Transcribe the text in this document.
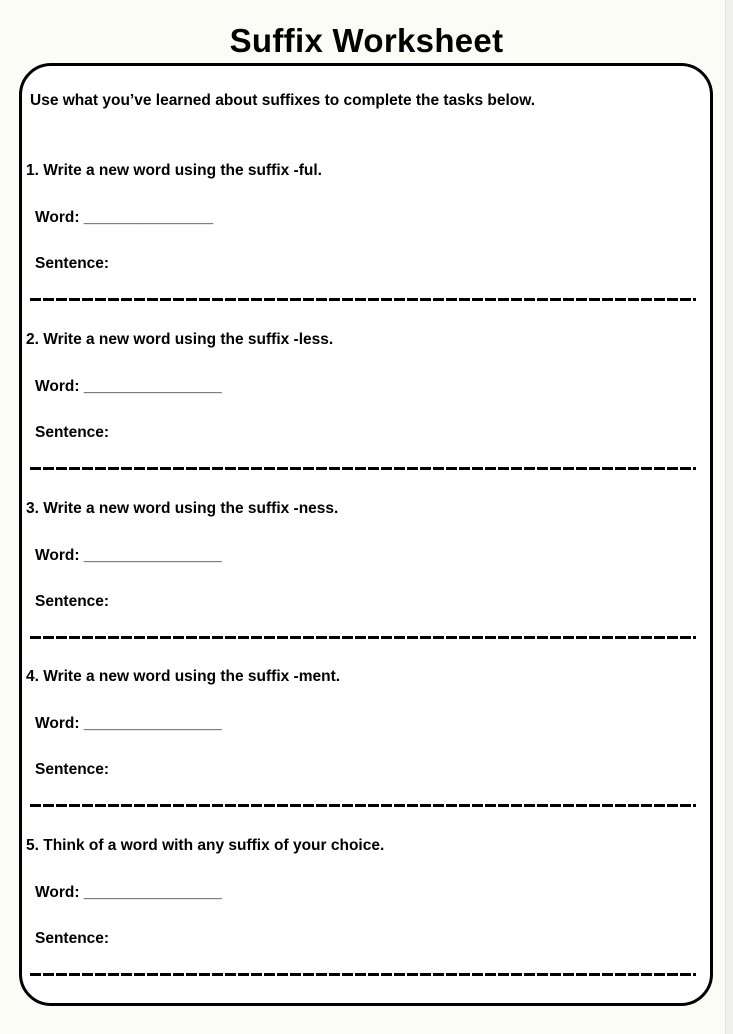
Suffix Worksheet
Use what you’ve learned about suffixes to complete the tasks below.
1. Write a new word using the suffix -ful.
Word: _______________
Sentence:
2. Write a new word using the suffix -less.
Word: ________________
Sentence:
3. Write a new word using the suffix -ness.
Word: ________________
Sentence:
4. Write a new word using the suffix -ment.
Word: ________________
Sentence:
5. Think of a word with any suffix of your choice.
Word: ________________
Sentence:
